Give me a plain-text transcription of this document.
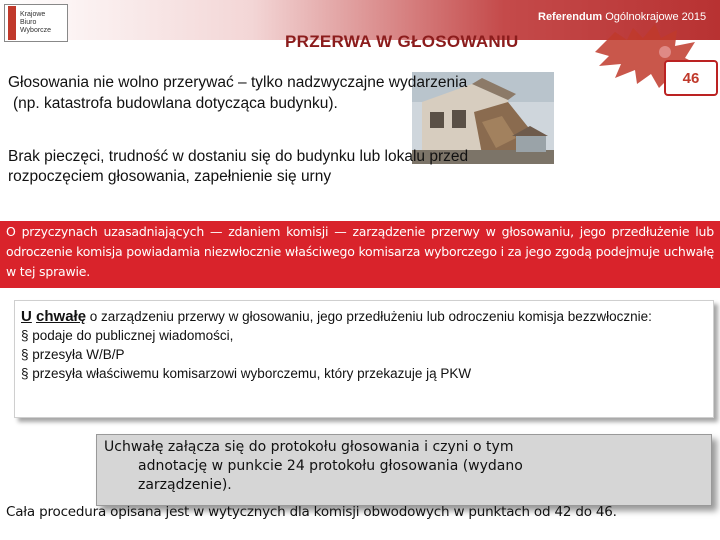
Krajowe
Biuro
Wyborcze
Referendum Ogólnokrajowe 2015
PRZERWA W GŁOSOWANIU
46
Głosowania nie wolno przerywać – tylko nadzwyczajne wydarzenia
(np. katastrofa budowlana dotycząca budynku).
Brak pieczęci, trudność w dostaniu się do budynku lub lokalu przed rozpoczęciem głosowania, zapełnienie się urny
O przyczynach uzasadniających — zdaniem komisji — zarządzenie przerwy w głosowaniu, jego przedłużenie lub odroczenie komisja powiadamia niezwłocznie właściwego komisarza wyborczego i za jego zgodą podejmuje uchwałę w tej sprawie.
U chwałę o zarządzeniu przerwy w głosowaniu, jego przedłużeniu lub odroczeniu komisja bezzwłocznie:
§ podaje do publicznej wiadomości,
§ przesyła W/B/P
§ przesyła właściwemu komisarzowi wyborczemu, który przekazuje ją PKW
Uchwałę załącza się do protokołu głosowania i czyni o tym
adnotację w punkcie 24 protokołu głosowania (wydano
zarządzenie).
Cała procedura opisana jest w wytycznych dla komisji obwodowych w punktach od 42 do 46.
